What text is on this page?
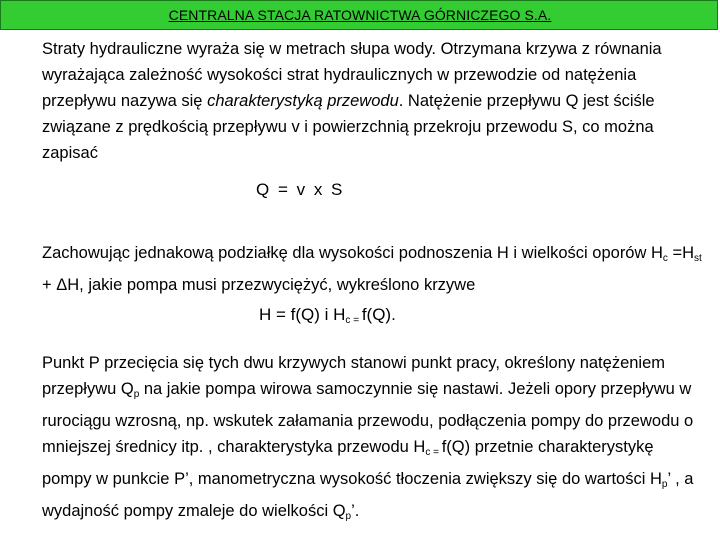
CENTRALNA STACJA RATOWNICTWA GÓRNICZEGO S.A.

Straty hydrauliczne wyraża się w metrach słupa wody. Otrzymana krzywa z równania wyrażająca zależność wysokości strat hydraulicznych w przewodzie od natężenia przepływu nazywa się charakterystyką przewodu. Natężenie przepływu Q jest ściśle związane z prędkością przepływu v i powierzchnią przekroju przewodu S, co można zapisać

Q = v x S

Zachowując jednakową podziałkę dla wysokości podnoszenia H i wielkości oporów $H_c =H_{st} + \Delta H$, jakie pompa musi przezwyciężyć, wykreślono krzywe

H = f(Q) i $H_c$ $_=$ f(Q).

Punkt P przecięcia się tych dwu krzywych stanowi punkt pracy, określony natężeniem przepływu $Q_p$ na jakie pompa wirowa samoczynnie się nastawi. Jeżeli opory przepływu w rurociągu wzrosną, np. wskutek załamania przewodu, podłączenia pompy do przewodu o mniejszej średnicy itp. , charakterystyka przewodu $H_c$ $_=$ f(Q) przetnie charakterystykę pompy w punkcie P’, manometryczna wysokość tłoczenia zwiększy się do wartości $H_p$’ , a wydajność pompy zmaleje do wielkości $Q_p$’.
